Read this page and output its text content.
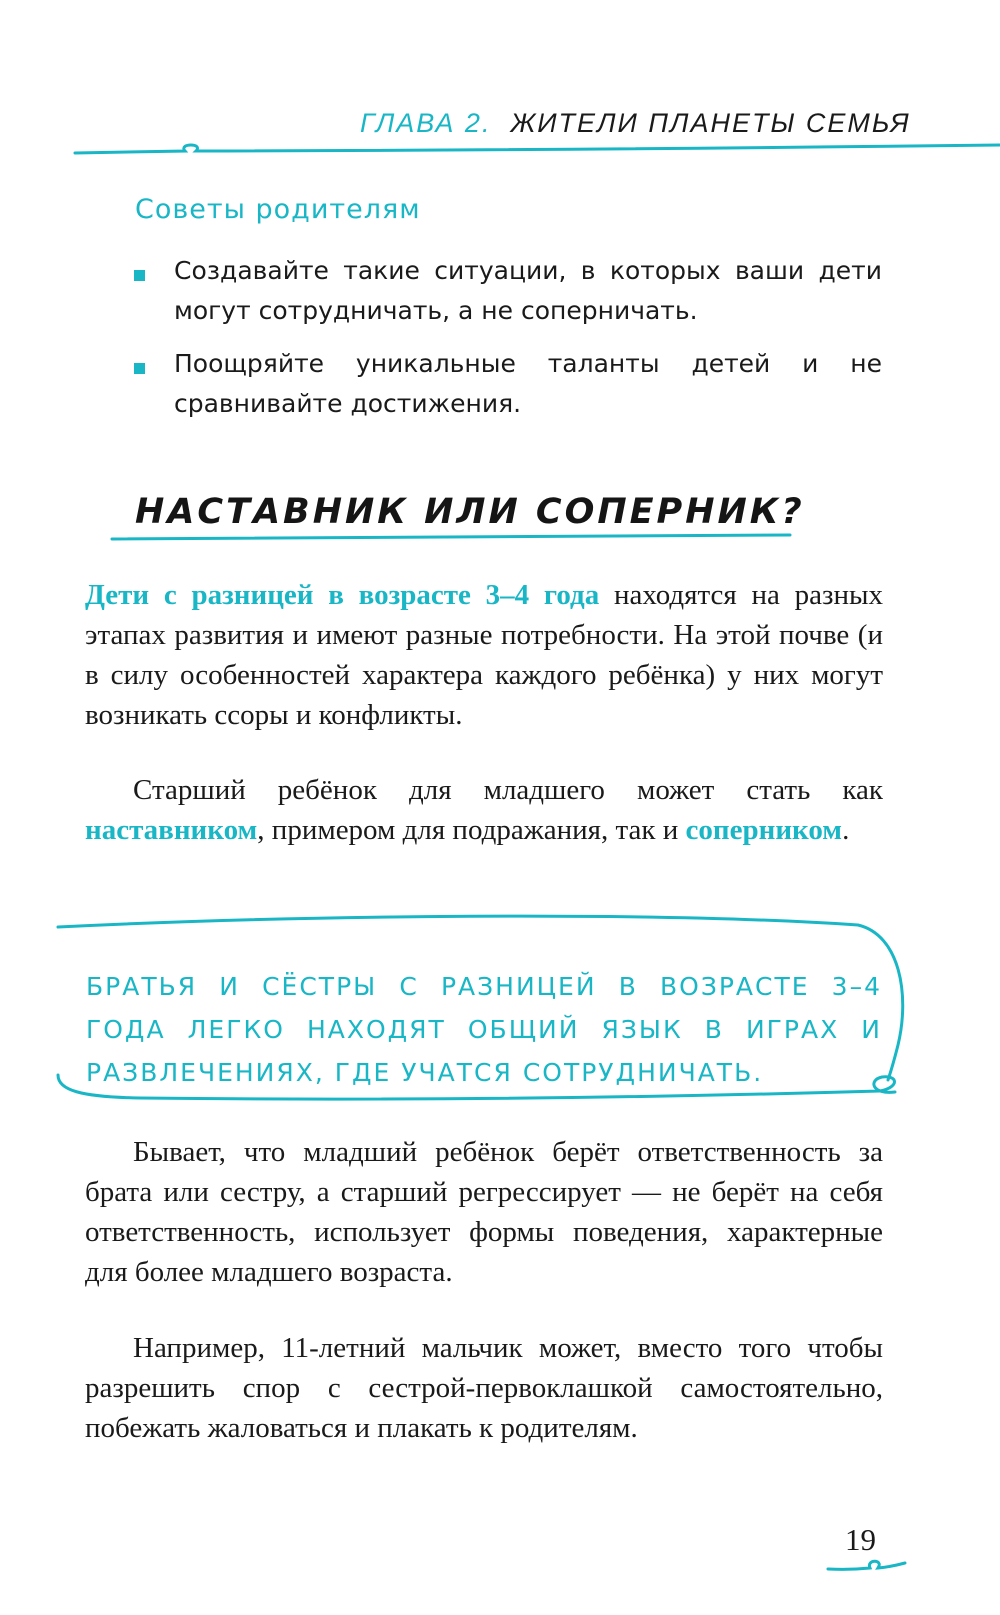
ГЛАВА 2. ЖИТЕЛИ ПЛАНЕТЫ СЕМЬЯ
Советы родителям
Создавайте такие ситуации, в которых ваши дети могут сотрудничать, а не соперничать.
Поощряйте уникальные таланты детей и не сравнивайте достижения.
НАСТАВНИК ИЛИ СОПЕРНИК?
Дети с разницей в возрасте 3–4 года находятся на разных этапах развития и имеют разные потребности. На этой почве (и в силу особенностей характера каждого ребёнка) у них могут возникать ссоры и конфликты.
Старший ребёнок для младшего может стать как наставником, примером для подражания, так и соперником.
БРАТЬЯ И СЁСТРЫ С РАЗНИЦЕЙ В ВОЗРАСТЕ 3–4 ГОДА ЛЕГКО НАХОДЯТ ОБЩИЙ ЯЗЫК В ИГРАХ И РАЗВЛЕЧЕНИЯХ, ГДЕ УЧАТСЯ СОТРУДНИЧАТЬ.
Бывает, что младший ребёнок берёт ответственность за брата или сестру, а старший регрессирует — не берёт на себя ответственность, использует формы поведения, характерные для более младшего возраста.
Например, 11-летний мальчик может, вместо того чтобы разрешить спор с сестрой-первоклашкой самостоятельно, побежать жаловаться и плакать к родителям.
19
